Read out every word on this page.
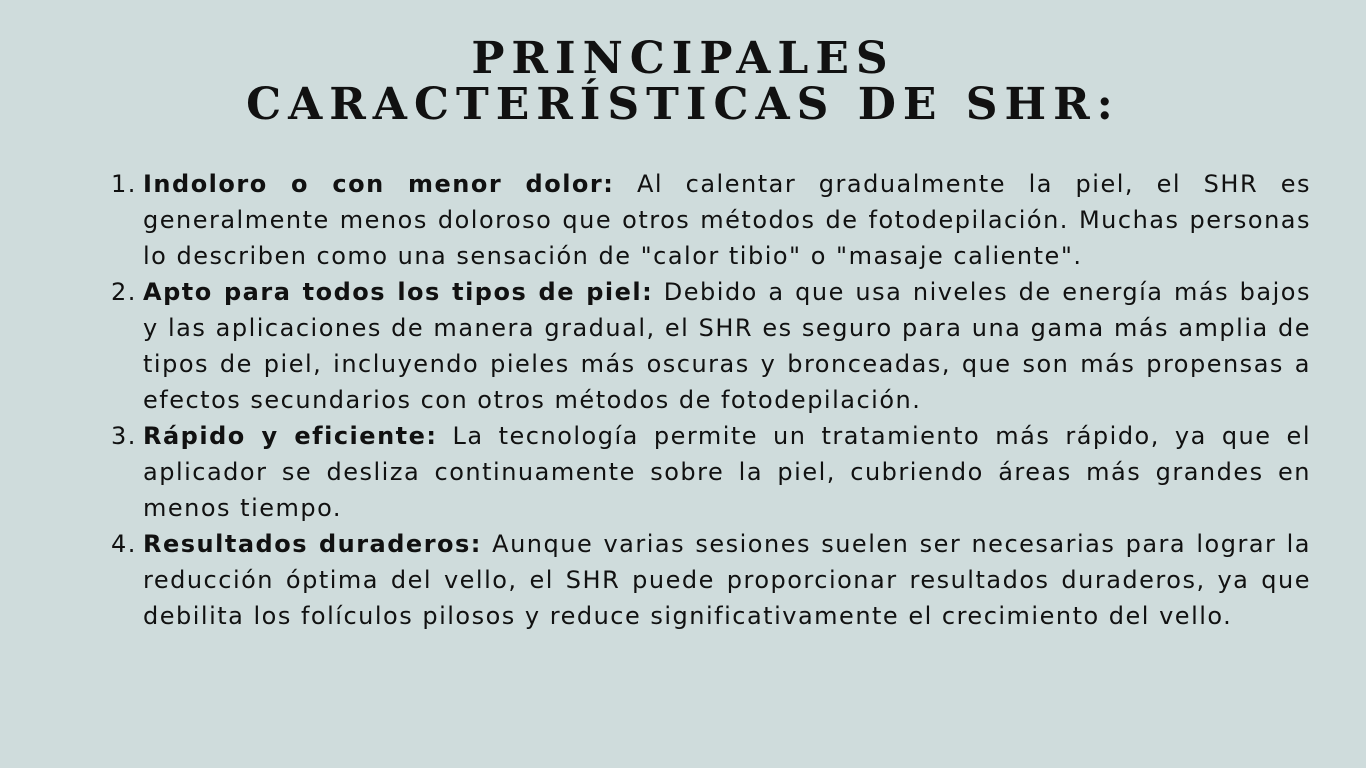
PRINCIPALES
CARACTERÍSTICAS DE SHR:
1. Indoloro o con menor dolor: Al calentar gradualmente la piel, el SHR es generalmente menos doloroso que otros métodos de fotodepilación. Muchas personas lo describen como una sensación de "calor tibio" o "masaje caliente".
2. Apto para todos los tipos de piel: Debido a que usa niveles de energía más bajos y las aplicaciones de manera gradual, el SHR es seguro para una gama más amplia de tipos de piel, incluyendo pieles más oscuras y bronceadas, que son más propensas a efectos secundarios con otros métodos de fotodepilación.
3. Rápido y eficiente: La tecnología permite un tratamiento más rápido, ya que el aplicador se desliza continuamente sobre la piel, cubriendo áreas más grandes en menos tiempo.
4. Resultados duraderos: Aunque varias sesiones suelen ser necesarias para lograr la reducción óptima del vello, el SHR puede proporcionar resultados duraderos, ya que debilita los folículos pilosos y reduce significativamente el crecimiento del vello.
